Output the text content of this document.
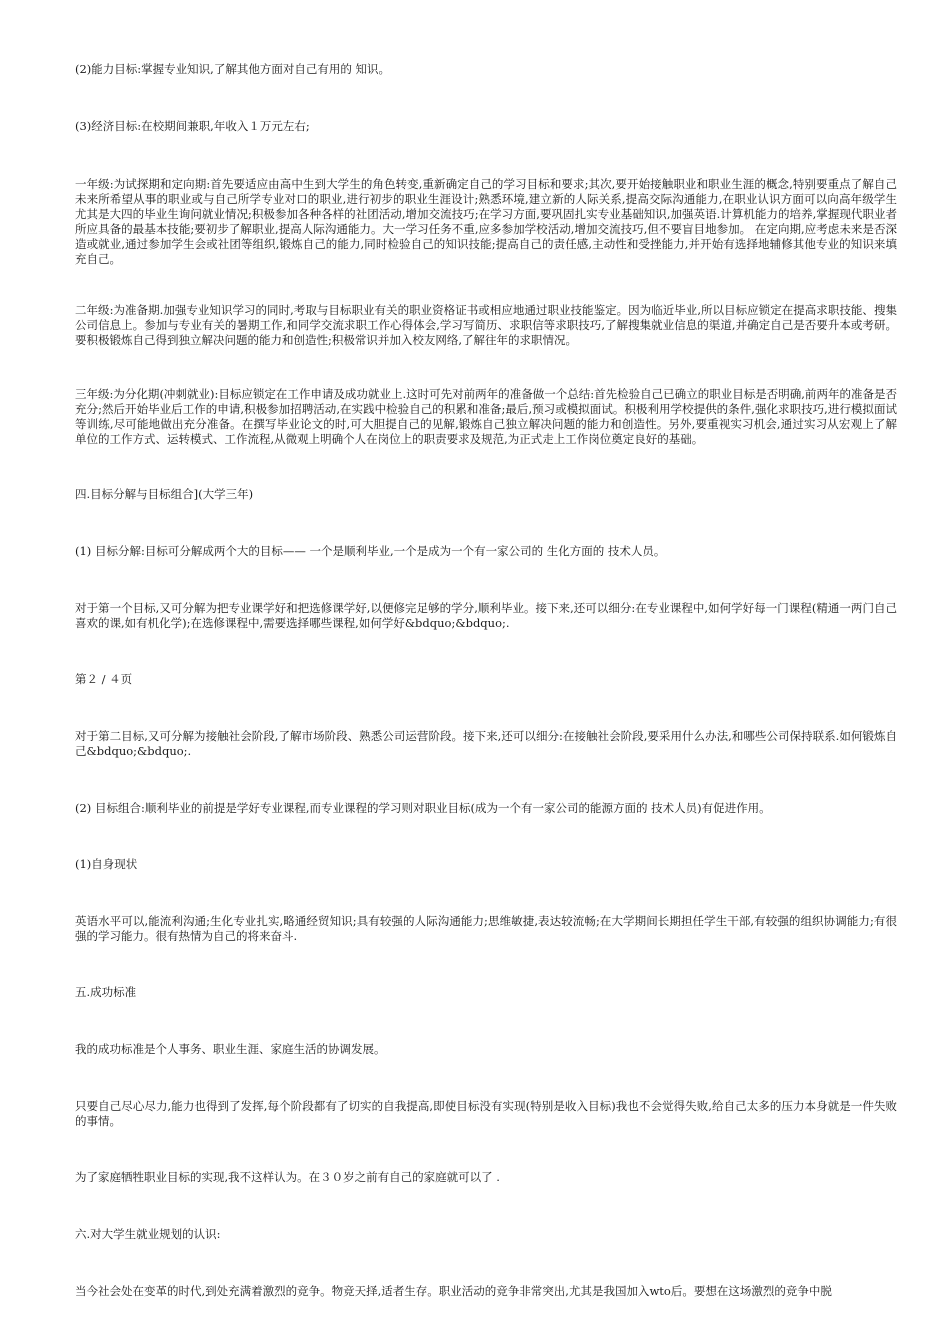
(2)能力目标:掌握专业知识,了解其他方面对自己有用的 知识。

(3)经济目标:在校期间兼职,年收入１万元左右;

一年级:为试探期和定向期:首先要适应由高中生到大学生的角色转变,重新确定自己的学习目标和要求;其次,要开始接触职业和职业生涯的概念,特别要重点了解自己未来所希望从事的职业或与自己所学专业对口的职业,进行初步的职业生涯设计;熟悉环境,建立新的人际关系,提高交际沟通能力,在职业认识方面可以向高年级学生尤其是大四的毕业生询问就业情况;积极参加各种各样的社团活动,增加交流技巧;在学习方面,要巩固扎实专业基础知识,加强英语.计算机能力的培养,掌握现代职业者所应具备的最基本技能;要初步了解职业,提高人际沟通能力。大一学习任务不重,应多参加学校活动,增加交流技巧,但不要盲目地参加。 在定向期,应考虑未来是否深造或就业,通过参加学生会或社团等组织,锻炼自己的能力,同时检验自己的知识技能;提高自己的责任感,主动性和受挫能力,并开始有选择地辅修其他专业的知识来填充自己。

二年级:为准备期.加强专业知识学习的同时,考取与目标职业有关的职业资格证书或相应地通过职业技能鉴定。因为临近毕业,所以目标应锁定在提高求职技能、搜集公司信息上。参加与专业有关的暑期工作,和同学交流求职工作心得体会,学习写简历、求职信等求职技巧,了解搜集就业信息的渠道,并确定自己是否要升本或考研。要积极锻炼自己得到独立解决问题的能力和创造性;积极常识并加入校友网络,了解往年的求职情况。

三年级:为分化期(冲刺就业):目标应锁定在工作申请及成功就业上.这时可先对前两年的准备做一个总结:首先检验自己已确立的职业目标是否明确,前两年的准备是否充分;然后开始毕业后工作的申请,积极参加招聘活动,在实践中检验自己的积累和准备;最后,预习或模拟面试。积极利用学校提供的条件,强化求职技巧,进行模拟面试等训练,尽可能地做出充分准备。在撰写毕业论文的时,可大胆提自己的见解,锻炼自己独立解决问题的能力和创造性。另外,要重视实习机会,通过实习从宏观上了解单位的工作方式、运转模式、工作流程,从微观上明确个人在岗位上的职责要求及规范,为正式走上工作岗位奠定良好的基础。

四.目标分解与目标组合](大学三年)

(1) 目标分解:目标可分解成两个大的目标—— 一个是顺利毕业,一个是成为一个有一家公司的 生化方面的 技术人员。

对于第一个目标,又可分解为把专业课学好和把选修课学好,以便修完足够的学分,顺利毕业。接下来,还可以细分:在专业课程中,如何学好每一门课程(精通一两门自己喜欢的课,如有机化学);在选修课程中,需要选择哪些课程,如何学好&bdquo;&bdquo;.

第２ / ４页

对于第二目标,又可分解为接触社会阶段,了解市场阶段、熟悉公司运营阶段。接下来,还可以细分:在接触社会阶段,要采用什么办法,和哪些公司保持联系.如何锻炼自己&bdquo;&bdquo;.

(2) 目标组合:顺利毕业的前提是学好专业课程,而专业课程的学习则对职业目标(成为一个有一家公司的能源方面的 技术人员)有促进作用。

(1)自身现状

英语水平可以,能流利沟通;生化专业扎实,略通经贸知识;具有较强的人际沟通能力;思维敏捷,表达较流畅;在大学期间长期担任学生干部,有较强的组织协调能力;有很强的学习能力。很有热情为自己的将来奋斗.

五.成功标准

我的成功标准是个人事务、职业生涯、家庭生活的协调发展。

只要自己尽心尽力,能力也得到了发挥,每个阶段都有了切实的自我提高,即使目标没有实现(特别是收入目标)我也不会觉得失败,给自己太多的压力本身就是一件失败的事情。

为了家庭牺牲职业目标的实现,我不这样认为。在３０岁之前有自己的家庭就可以了 .

六.对大学生就业规划的认识:

当今社会处在变革的时代,到处充满着激烈的竞争。物竞天择,适者生存。职业活动的竞争非常突出,尤其是我国加入wto后。要想在这场激烈的竞争中脱
